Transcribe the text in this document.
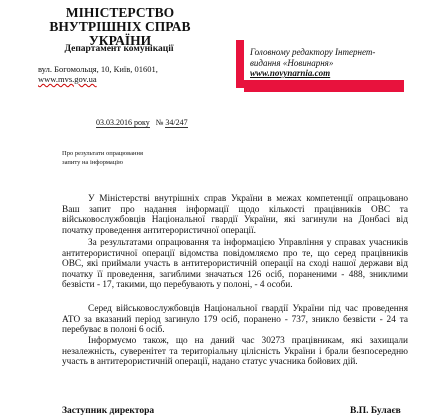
МІНІСТЕРСТВО
ВНУТРІШНІХ СПРАВ
УКРАЇНИ
Департамент комунікації
вул. Богомольця, 10, Київ, 01601,
www.mvs.gov.ua
Головному редактору Інтернет-
видання «Новинарня»
www.novynarnia.com
03.03.2016 року № 34/247
Про результати опрацювання
запиту на інформацію
У Міністерстві внутрішніх справ України в межах компетенції опрацьовано Ваш запит про надання інформації щодо кількості працівників ОВС та військовослужбовців Національної гвардії України, які загинули на Донбасі від початку проведення антитерористичної операції.
За результатами опрацювання та інформацією Управління у справах учасників антитерористичної операції відомства повідомляємо про те, що серед працівників ОВС, які приймали участь в антитерористичній операції на сході нашої держави від початку її проведення, загиблими значаться 126 осіб, пораненими - 488, зниклими безвісти - 17, такими, що перебувають у полоні, - 4 особи.
Серед військовослужбовців Національної гвардії України під час проведення АТО за вказаний період загинуло 179 осіб, поранено - 737, зникло безвісти - 24 та перебуває в полоні 6 осіб.
Інформуємо також, що на даний час 30273 працівникам, які захищали незалежність, суверенітет та територіальну цілісність України і брали безпосередню участь в антитерористичній операції, надано статус учасника бойових дій.
Заступник директора	В.П. Булаєв
